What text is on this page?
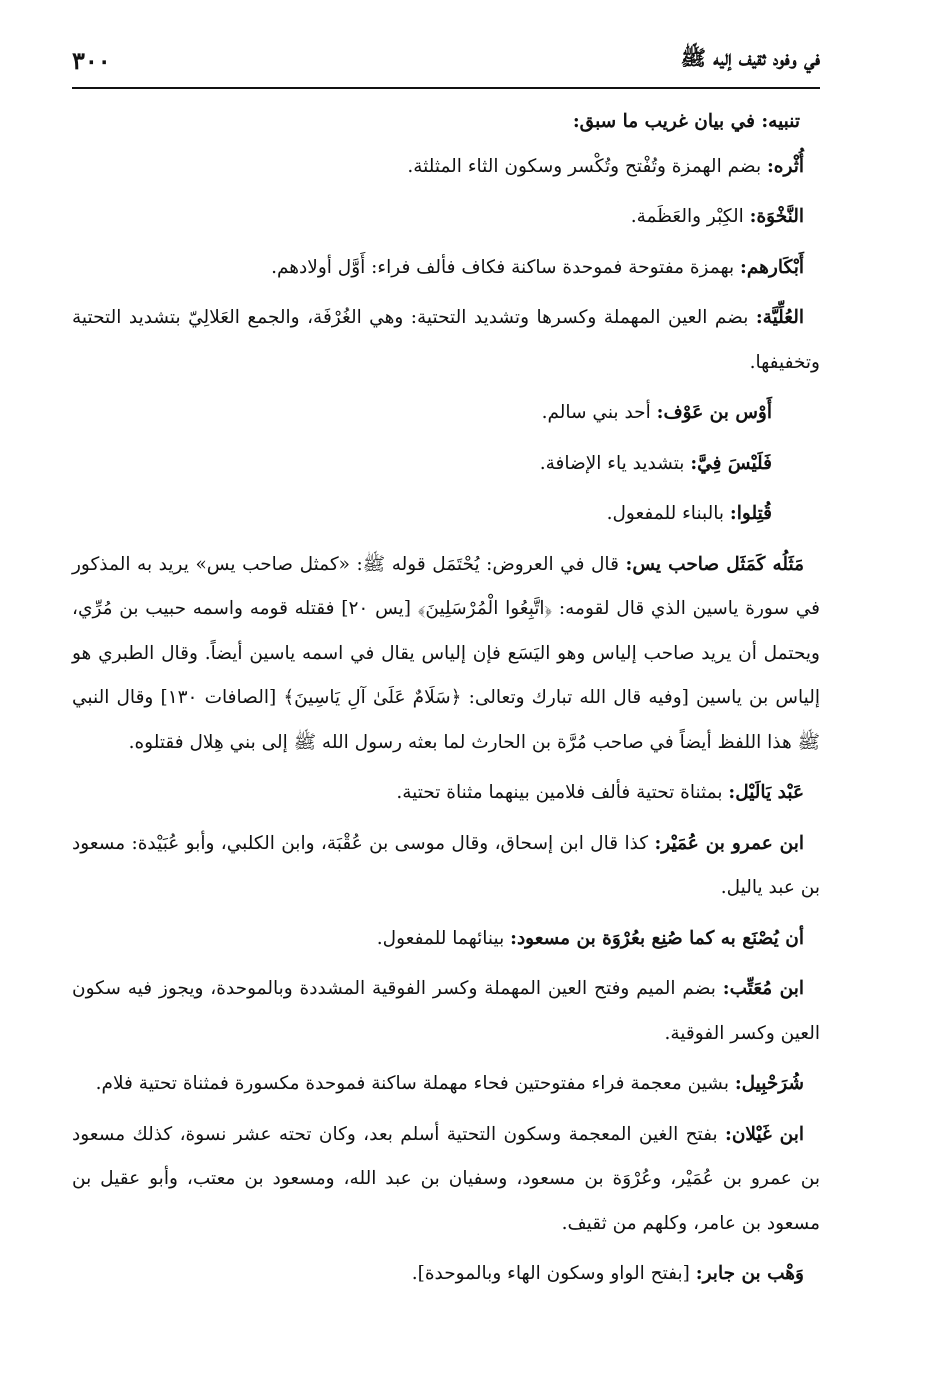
في وفود ثقيف إليه ﷺ
٣٠٠

تنبيه: في بيان غريب ما سبق:

أُثْره: بضم الهمزة وتُفْتح وتُكْسر وسكون الثاء المثلثة.

النَّخْوَة: الكِبْر والعَظَمة.

أَبْكَارهم: بهمزة مفتوحة فموحدة ساكنة فكاف فألف فراء: أَوَّل أولادهم.

العُلِّيَّة: بضم العين المهملة وكسرها وتشديد التحتية: وهي الغُرْفَة، والجمع العَلالِيّ بتشديد التحتية وتخفيفها.

أَوْس بن عَوْف: أحد بني سالم.

فَلَيْسَ فِيَّ: بتشديد ياء الإضافة.

قُتِلوا: بالبناء للمفعول.

مَثَلُه كَمَثَل صاحب يس: قال في العروض: يُحْتَمَل قوله ﷺ: «كمثل صاحب يس» يريد به المذكور في سورة ياسين الذي قال لقومه: ﴿اتَّبِعُوا الْمُرْسَلِينَ﴾ [يس ٢٠] فقتله قومه واسمه حبيب بن مُرِّي، ويحتمل أن يريد صاحب إلياس وهو اليَسَع فإن إلياس يقال في اسمه ياسين أيضاً. وقال الطبري هو إلياس بن ياسين [وفيه قال الله تبارك وتعالى: ﴿سَلَامٌ عَلَىٰ آلِ يَاسِينَ﴾ [الصافات ١٣٠] وقال النبي ﷺ هذا اللفظ أيضاً في صاحب مُرَّة بن الحارث لما بعثه رسول الله ﷺ إلى بني هِلال فقتلوه.

عَبْد يَالَيْل: بمثناة تحتية فألف فلامين بينهما مثناة تحتية.

ابن عمرو بن عُمَيْر: كذا قال ابن إسحاق، وقال موسى بن عُقْبَة، وابن الكلبي، وأبو عُبَيْدة: مسعود بن عبد ياليل.

أن يُصْنَع به كما صُنِع بعُرْوَة بن مسعود: بينائهما للمفعول.

ابن مُعَتِّب: بضم الميم وفتح العين المهملة وكسر الفوقية المشددة وبالموحدة، ويجوز فيه سكون العين وكسر الفوقية.

شُرَحْبِيل: بشين معجمة فراء مفتوحتين فحاء مهملة ساكنة فموحدة مكسورة فمثناة تحتية فلام.

ابن غَيْلان: بفتح الغين المعجمة وسكون التحتية أسلم بعد، وكان تحته عشر نسوة، كذلك مسعود بن عمرو بن عُمَيْر، وعُرْوَة بن مسعود، وسفيان بن عبد الله، ومسعود بن معتب، وأبو عقيل بن مسعود بن عامر، وكلهم من ثقيف.

وَهْب بن جابر: [بفتح الواو وسكون الهاء وبالموحدة].
